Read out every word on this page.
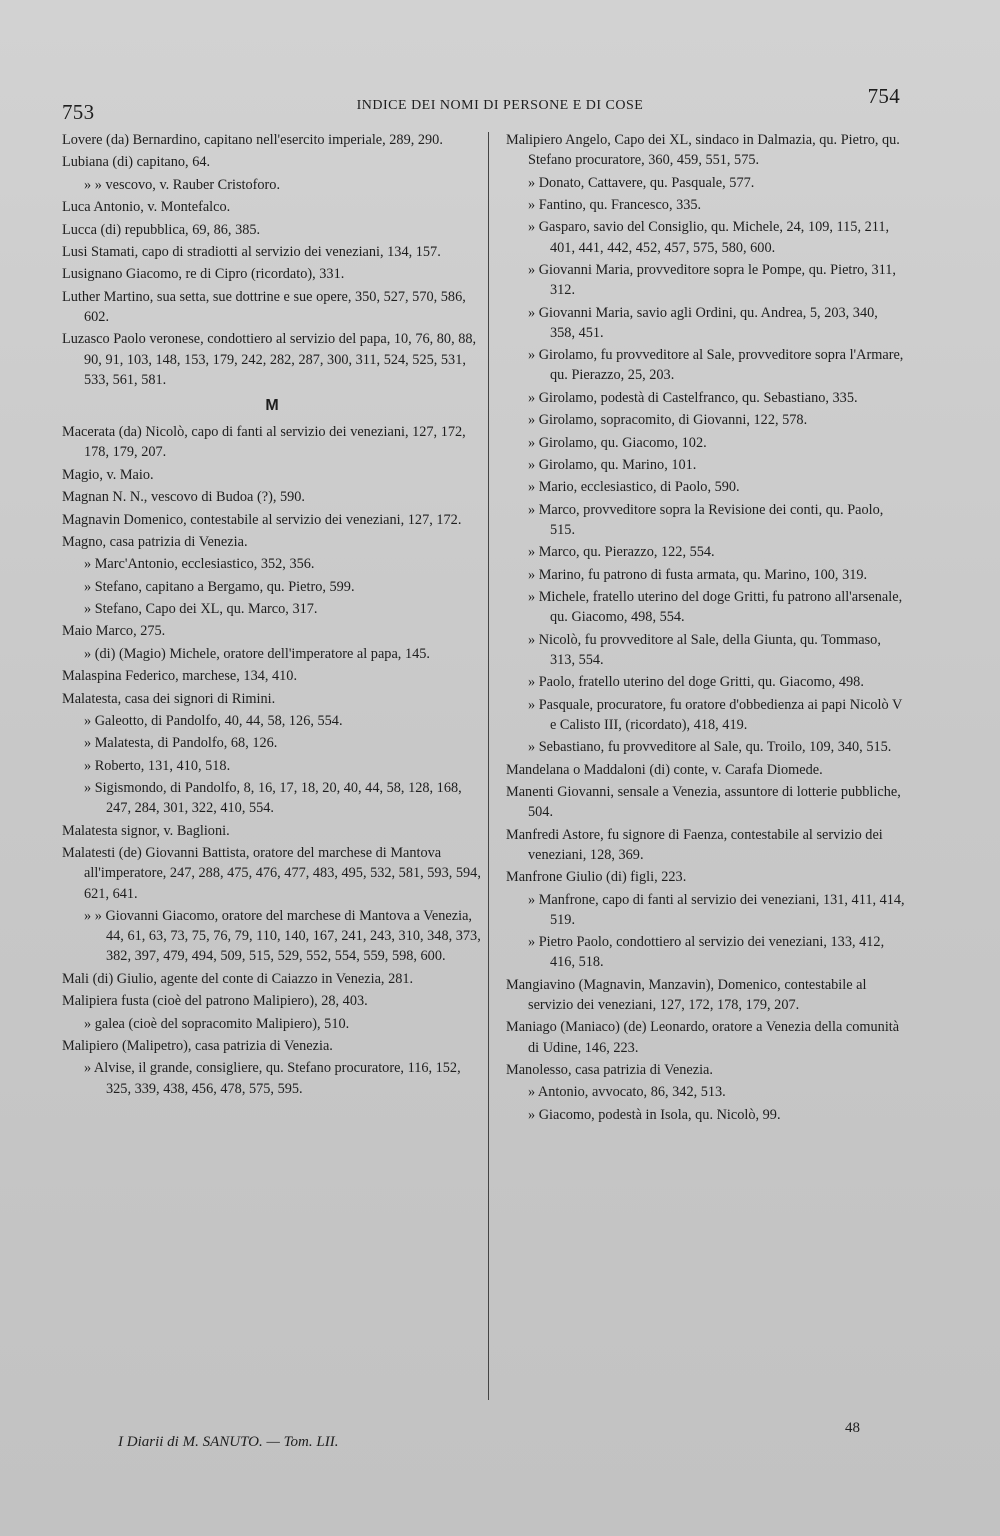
753	INDICE DEI NOMI DI PERSONE E DI COSE	754
Lovere (da) Bernardino, capitano nell'esercito imperiale, 289, 290.
Lubiana (di) capitano, 64.
» » vescovo, v. Rauber Cristoforo.
Luca Antonio, v. Montefalco.
Lucca (di) repubblica, 69, 86, 385.
Lusi Stamati, capo di stradiotti al servizio dei veneziani, 134, 157.
Lusignano Giacomo, re di Cipro (ricordato), 331.
Luther Martino, sua setta, sue dottrine e sue opere, 350, 527, 570, 586, 602.
Luzasco Paolo veronese, condottiero al servizio del papa, 10, 76, 80, 88, 90, 91, 103, 148, 153, 179, 242, 282, 287, 300, 311, 524, 525, 531, 533, 561, 581.
M
Macerata (da) Nicolò, capo di fanti al servizio dei veneziani, 127, 172, 178, 179, 207.
Magio, v. Maio.
Magnan N. N., vescovo di Budoa (?), 590.
Magnavin Domenico, contestabile al servizio dei veneziani, 127, 172.
Magno, casa patrizia di Venezia.
» Marc'Antonio, ecclesiastico, 352, 356.
» Stefano, capitano a Bergamo, qu. Pietro, 599.
» Stefano, Capo dei XL, qu. Marco, 317.
Maio Marco, 275.
» (di) (Magio) Michele, oratore dell'imperatore al papa, 145.
Malaspina Federico, marchese, 134, 410.
Malatesta, casa dei signori di Rimini.
» Galeotto, di Pandolfo, 40, 44, 58, 126, 554.
» Malatesta, di Pandolfo, 68, 126.
» Roberto, 131, 410, 518.
» Sigismondo, di Pandolfo, 8, 16, 17, 18, 20, 40, 44, 58, 128, 168, 247, 284, 301, 322, 410, 554.
Malatesta signor, v. Baglioni.
Malatesti (de) Giovanni Battista, oratore del marchese di Mantova all'imperatore, 247, 288, 475, 476, 477, 483, 495, 532, 581, 593, 594, 621, 641.
» » Giovanni Giacomo, oratore del marchese di Mantova a Venezia, 44, 61, 63, 73, 75, 76, 79, 110, 140, 167, 241, 243, 310, 348, 373, 382, 397, 479, 494, 509, 515, 529, 552, 554, 559, 598, 600.
Mali (di) Giulio, agente del conte di Caiazzo in Venezia, 281.
Malipiera fusta (cioè del patrono Malipiero), 28, 403.
» galea (cioè del sopracomito Malipiero), 510.
Malipiero (Malipetro), casa patrizia di Venezia.
» Alvise, il grande, consigliere, qu. Stefano procuratore, 116, 152, 325, 339, 438, 456, 478, 575, 595.
Malipiero Angelo, Capo dei XL, sindaco in Dalmazia, qu. Pietro, qu. Stefano procuratore, 360, 459, 551, 575.
» Donato, Cattavere, qu. Pasquale, 577.
» Fantino, qu. Francesco, 335.
» Gasparo, savio del Consiglio, qu. Michele, 24, 109, 115, 211, 401, 441, 442, 452, 457, 575, 580, 600.
» Giovanni Maria, provveditore sopra le Pompe, qu. Pietro, 311, 312.
» Giovanni Maria, savio agli Ordini, qu. Andrea, 5, 203, 340, 358, 451.
» Girolamo, fu provveditore al Sale, provveditore sopra l'Armare, qu. Pierazzo, 25, 203.
» Girolamo, podestà di Castelfranco, qu. Sebastiano, 335.
» Girolamo, sopracomito, di Giovanni, 122, 578.
» Girolamo, qu. Giacomo, 102.
» Girolamo, qu. Marino, 101.
» Mario, ecclesiastico, di Paolo, 590.
» Marco, provveditore sopra la Revisione dei conti, qu. Paolo, 515.
» Marco, qu. Pierazzo, 122, 554.
» Marino, fu patrono di fusta armata, qu. Marino, 100, 319.
» Michele, fratello uterino del doge Gritti, fu patrono all'arsenale, qu. Giacomo, 498, 554.
» Nicolò, fu provveditore al Sale, della Giunta, qu. Tommaso, 313, 554.
» Paolo, fratello uterino del doge Gritti, qu. Giacomo, 498.
» Pasquale, procuratore, fu oratore d'obbedienza ai papi Nicolò V e Calisto III, (ricordato), 418, 419.
» Sebastiano, fu provveditore al Sale, qu. Troilo, 109, 340, 515.
Mandelana o Maddaloni (di) conte, v. Carafa Diomede.
Manenti Giovanni, sensale a Venezia, assuntore di lotterie pubbliche, 504.
Manfredi Astore, fu signore di Faenza, contestabile al servizio dei veneziani, 128, 369.
Manfrone Giulio (di) figli, 223.
» Manfrone, capo di fanti al servizio dei veneziani, 131, 411, 414, 519.
» Pietro Paolo, condottiero al servizio dei veneziani, 133, 412, 416, 518.
Mangiavino (Magnavin, Manzavin), Domenico, contestabile al servizio dei veneziani, 127, 172, 178, 179, 207.
Maniago (Maniaco) (de) Leonardo, oratore a Venezia della comunità di Udine, 146, 223.
Manolesso, casa patrizia di Venezia.
» Antonio, avvocato, 86, 342, 513.
» Giacomo, podestà in Isola, qu. Nicolò, 99.
I Diarii di M. SANUTO. — Tom. LII.
48
